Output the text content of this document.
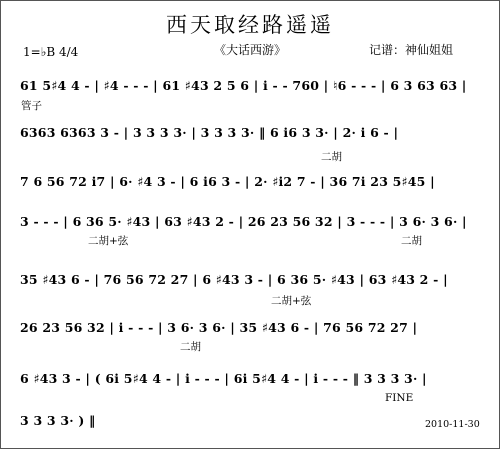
西天取经路遥遥
《大话西游》
1=♭B 4/4	记谱：神仙姐姐
61 5♯4 4 - | ♯4 - - - | 61 ♯43 2 5 6 | i - - 760 | ♮6 - - - | 6 3 63 63 |
管子
6363 6363 3 - | 3 3 3 3· | 3 3 3 3· ‖ 6 i6 3 3· | 2· i 6 - |
二胡
7 6 56 72 i7 | 6· ♯4 3 - | 6 i6 3 - | 2· ♯i2 7 - | 36 7i 23 5♯45 |
3 - - - | 6 36 5· ♯43 | 63 ♯43 2 - | 26 23 56 32 | 3 - - - | 3 6· 3 6· |
二胡+弦	二胡
35 ♯43 6 - | 76 56 72 27 | 6 ♯43 3 - | 6 36 5· ♯43 | 63 ♯43 2 - |
二胡+弦
26 23 56 32 | i - - - | 3 6· 3 6· | 35 ♯43 6 - | 76 56 72 27 |
二胡
6 ♯43 3 - | ( 6i 5♯4 4 - | i - - - | 6i 5♯4 4 - | i - - - ‖ 3 3 3 3· |
FINE
3 3 3 3· ) ‖	2010-11-30
